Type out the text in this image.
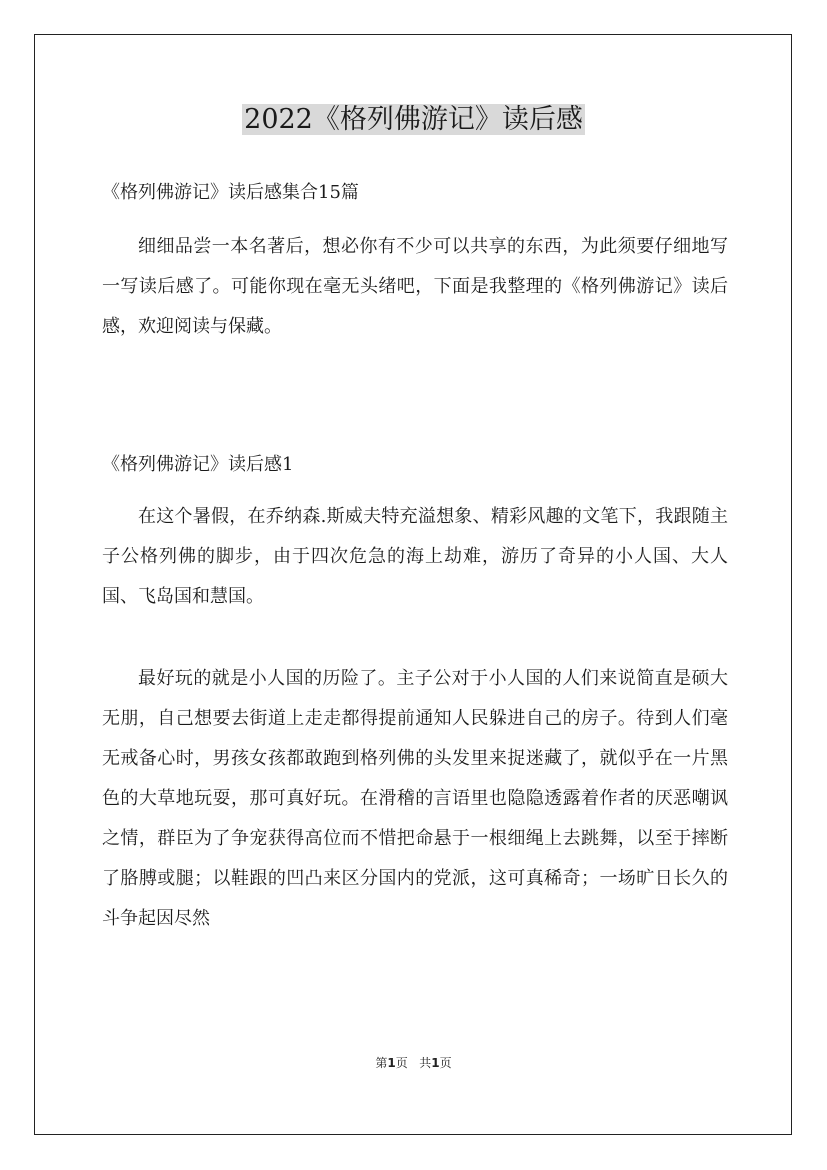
2022《格列佛游记》读后感

《格列佛游记》读后感集合15篇

细细品尝一本名著后，想必你有不少可以共享的东西，为此须要仔细地写一写读后感了。可能你现在毫无头绪吧，下面是我整理的《格列佛游记》读后感，欢迎阅读与保藏。

《格列佛游记》读后感1

在这个暑假，在乔纳森.斯威夫特充溢想象、精彩风趣的文笔下，我跟随主子公格列佛的脚步，由于四次危急的海上劫难，游历了奇异的小人国、大人国、飞岛国和慧国。

最好玩的就是小人国的历险了。主子公对于小人国的人们来说简直是硕大无朋，自己想要去街道上走走都得提前通知人民躲进自己的房子。待到人们毫无戒备心时，男孩女孩都敢跑到格列佛的头发里来捉迷藏了，就似乎在一片黑色的大草地玩耍，那可真好玩。在滑稽的言语里也隐隐透露着作者的厌恶嘲讽之情，群臣为了争宠获得高位而不惜把命悬于一根细绳上去跳舞，以至于摔断了胳膊或腿；以鞋跟的凹凸来区分国内的党派，这可真稀奇；一场旷日长久的斗争起因尽然

第1页 共1页
